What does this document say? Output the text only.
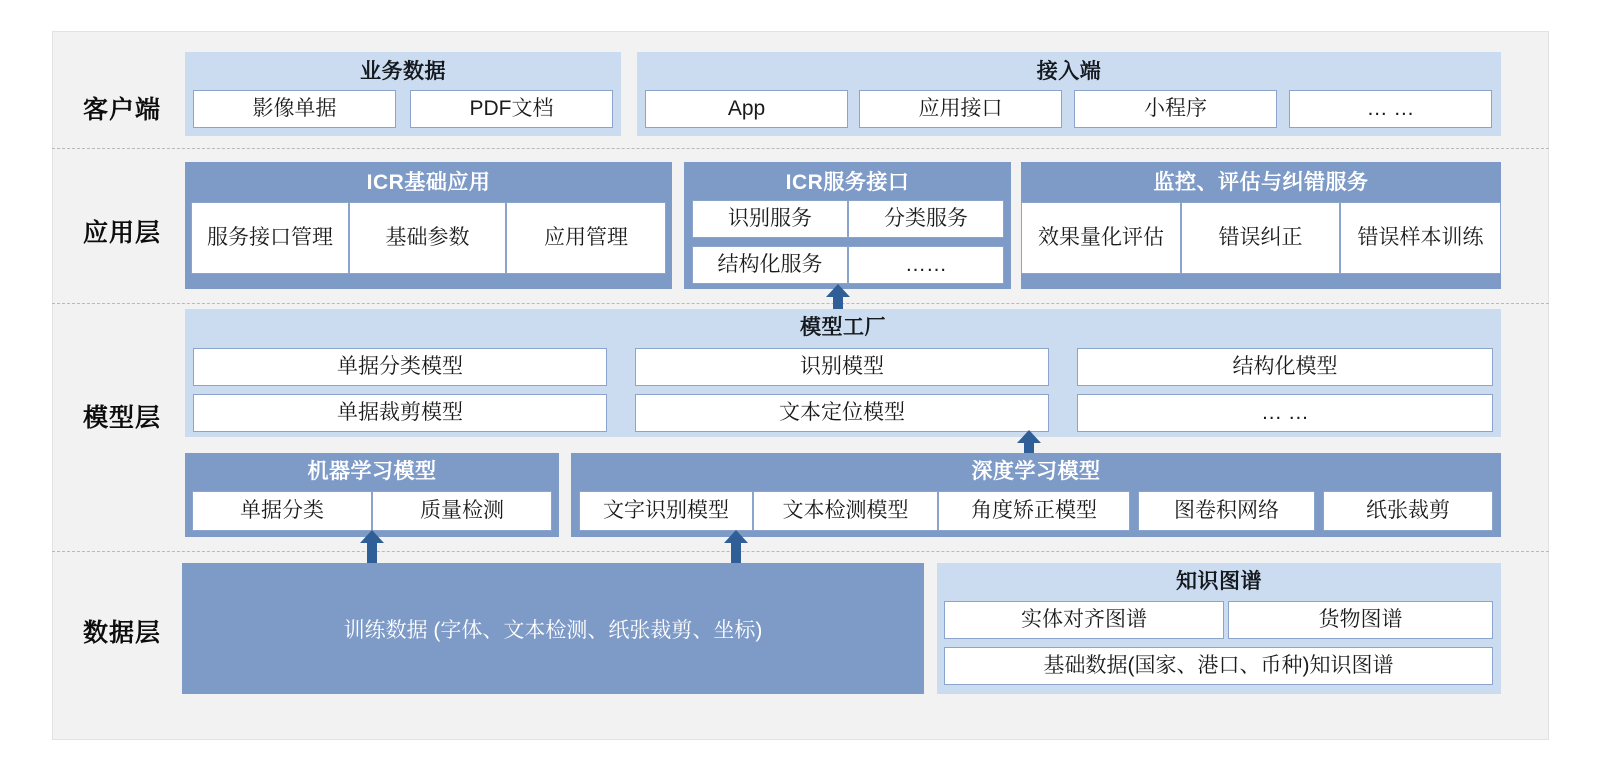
客户端
应用层
模型层
数据层
业务数据
影像单据	PDF文档
接入端
App	应用接口	小程序	… …
ICR基础应用
服务接口管理	基础参数	应用管理
ICR服务接口
识别服务	分类服务
结构化服务	……
监控、评估与纠错服务
效果量化评估	错误纠正	错误样本训练
模型工厂
单据分类模型	识别模型	结构化模型
单据裁剪模型	文本定位模型	… …
机器学习模型
单据分类	质量检测
深度学习模型
文字识别模型	文本检测模型	角度矫正模型	图卷积网络	纸张裁剪
训练数据 (字体、文本检测、纸张裁剪、坐标)
知识图谱
实体对齐图谱	货物图谱
基础数据(国家、港口、币种)知识图谱
